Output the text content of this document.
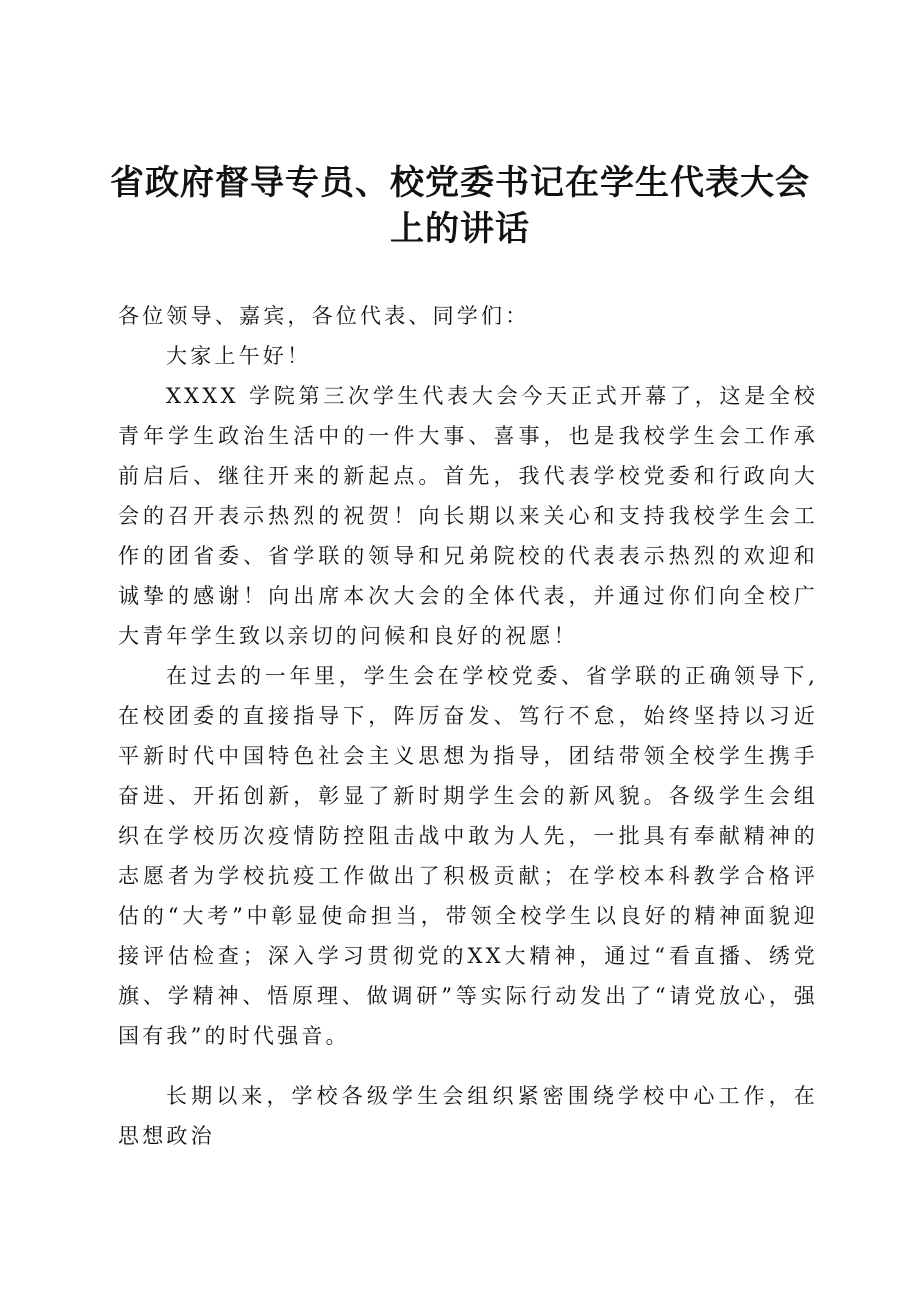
省政府督导专员、校党委书记在学生代表大会
上的讲话

各位领导、嘉宾，各位代表、同学们：

大家上午好！

XXXX 学院第三次学生代表大会今天正式开幕了，这是全校青年学生政治生活中的一件大事、喜事，也是我校学生会工作承前启后、继往开来的新起点。首先，我代表学校党委和行政向大会的召开表示热烈的祝贺！向长期以来关心和支持我校学生会工作的团省委、省学联的领导和兄弟院校的代表表示热烈的欢迎和诚挚的感谢！向出席本次大会的全体代表，并通过你们向全校广大青年学生致以亲切的问候和良好的祝愿！

在过去的一年里，学生会在学校党委、省学联的正确领导下,在校团委的直接指导下，阵厉奋发、笃行不怠，始终坚持以习近平新时代中国特色社会主义思想为指导，团结带领全校学生携手奋进、开拓创新，彰显了新时期学生会的新风貌。各级学生会组织在学校历次疫情防控阻击战中敢为人先，一批具有奉献精神的志愿者为学校抗疫工作做出了积极贡献；在学校本科教学合格评估的“大考”中彰显使命担当，带领全校学生以良好的精神面貌迎接评估检查；深入学习贯彻党的XX大精神，通过“看直播、绣党旗、学精神、悟原理、做调研”等实际行动发出了“请党放心，强国有我”的时代强音。

长期以来，学校各级学生会组织紧密围绕学校中心工作，在思想政治
